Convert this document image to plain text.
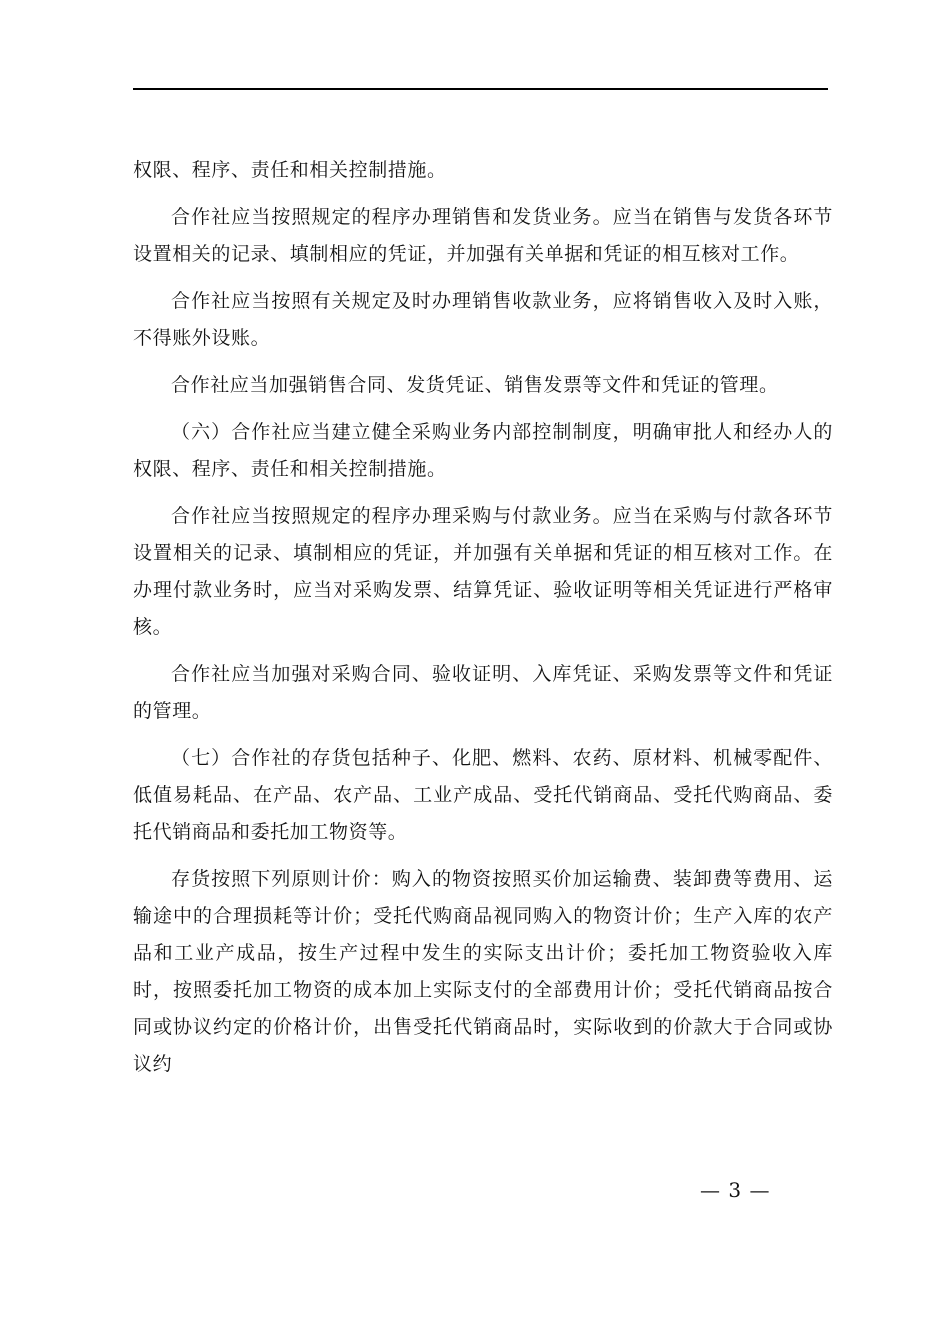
权限、程序、责任和相关控制措施。

合作社应当按照规定的程序办理销售和发货业务。应当在销售与发货各环节设置相关的记录、填制相应的凭证，并加强有关单据和凭证的相互核对工作。

合作社应当按照有关规定及时办理销售收款业务，应将销售收入及时入账，不得账外设账。

合作社应当加强销售合同、发货凭证、销售发票等文件和凭证的管理。

（六）合作社应当建立健全采购业务内部控制制度，明确审批人和经办人的权限、程序、责任和相关控制措施。

合作社应当按照规定的程序办理采购与付款业务。应当在采购与付款各环节设置相关的记录、填制相应的凭证，并加强有关单据和凭证的相互核对工作。在办理付款业务时，应当对采购发票、结算凭证、验收证明等相关凭证进行严格审核。

合作社应当加强对采购合同、验收证明、入库凭证、采购发票等文件和凭证的管理。

（七）合作社的存货包括种子、化肥、燃料、农药、原材料、机械零配件、低值易耗品、在产品、农产品、工业产成品、受托代销商品、受托代购商品、委托代销商品和委托加工物资等。

存货按照下列原则计价：购入的物资按照买价加运输费、装卸费等费用、运输途中的合理损耗等计价；受托代购商品视同购入的物资计价；生产入库的农产品和工业产成品，按生产过程中发生的实际支出计价；委托加工物资验收入库时，按照委托加工物资的成本加上实际支付的全部费用计价；受托代销商品按合同或协议约定的价格计价，出售受托代销商品时，实际收到的价款大于合同或协议约

— 3 —
